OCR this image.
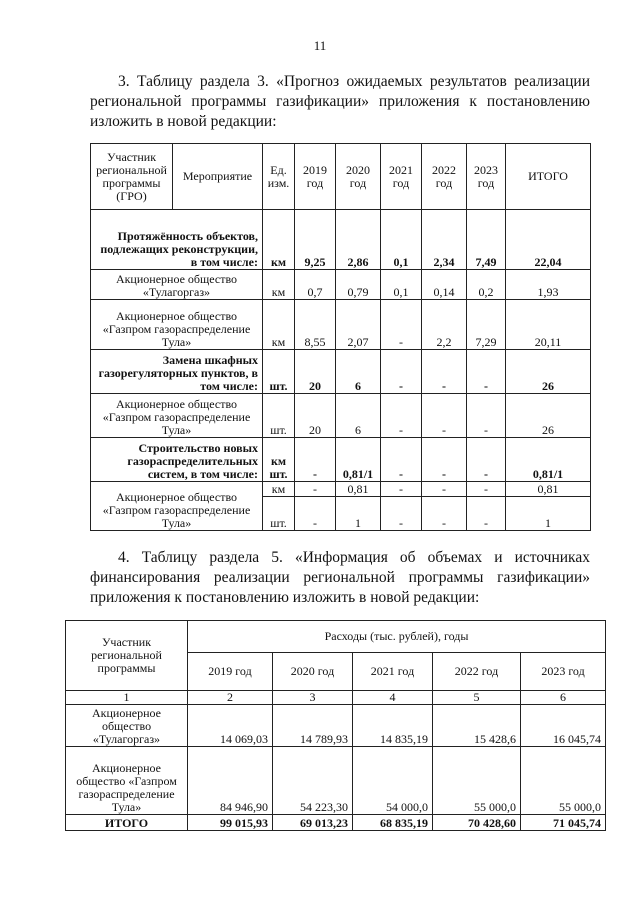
11
3. Таблицу раздела 3. «Прогноз ожидаемых результатов реализации региональной программы газификации» приложения к постановлению изложить в новой редакции:
Участник региональной программы (ГРО)	Мероприятие	Ед. изм.	2019 год	2020 год	2021 год	2022 год	2023 год	ИТОГО
Протяжённость объектов, подлежащих реконструкции, в том числе:		км	9,25	2,86	0,1	2,34	7,49	22,04
Акционерное общество «Тулагоргаз»		км	0,7	0,79	0,1	0,14	0,2	1,93
Акционерное общество «Газпром газораспределение Тула»		км	8,55	2,07	-	2,2	7,29	20,11
Замена шкафных газорегуляторных пунктов, в том числе:		шт.	20	6	-	-	-	26
Акционерное общество «Газпром газораспределение Тула»		шт.	20	6	-	-	-	26
Строительство новых газораспределительных систем, в том числе:		км шт.	-	0,81/1	-	-	-	0,81/1
Акционерное общество «Газпром газораспределение Тула»		км	-	0,81	-	-	-	0,81
		шт.	-	1	-	-	-	1
4. Таблицу раздела 5. «Информация об объемах и источниках финансирования реализации региональной программы газификации» приложения к постановлению изложить в новой редакции:
Участник региональной программы	Расходы (тыс. рублей), годы				
	2019 год	2020 год	2021 год	2022 год	2023 год
1	2	3	4	5	6
Акционерное общество «Тулагоргаз»	14 069,03	14 789,93	14 835,19	15 428,6	16 045,74
Акционерное общество «Газпром газораспределение Тула»	84 946,90	54 223,30	54 000,0	55 000,0	55 000,0
ИТОГО	99 015,93	69 013,23	68 835,19	70 428,60	71 045,74
